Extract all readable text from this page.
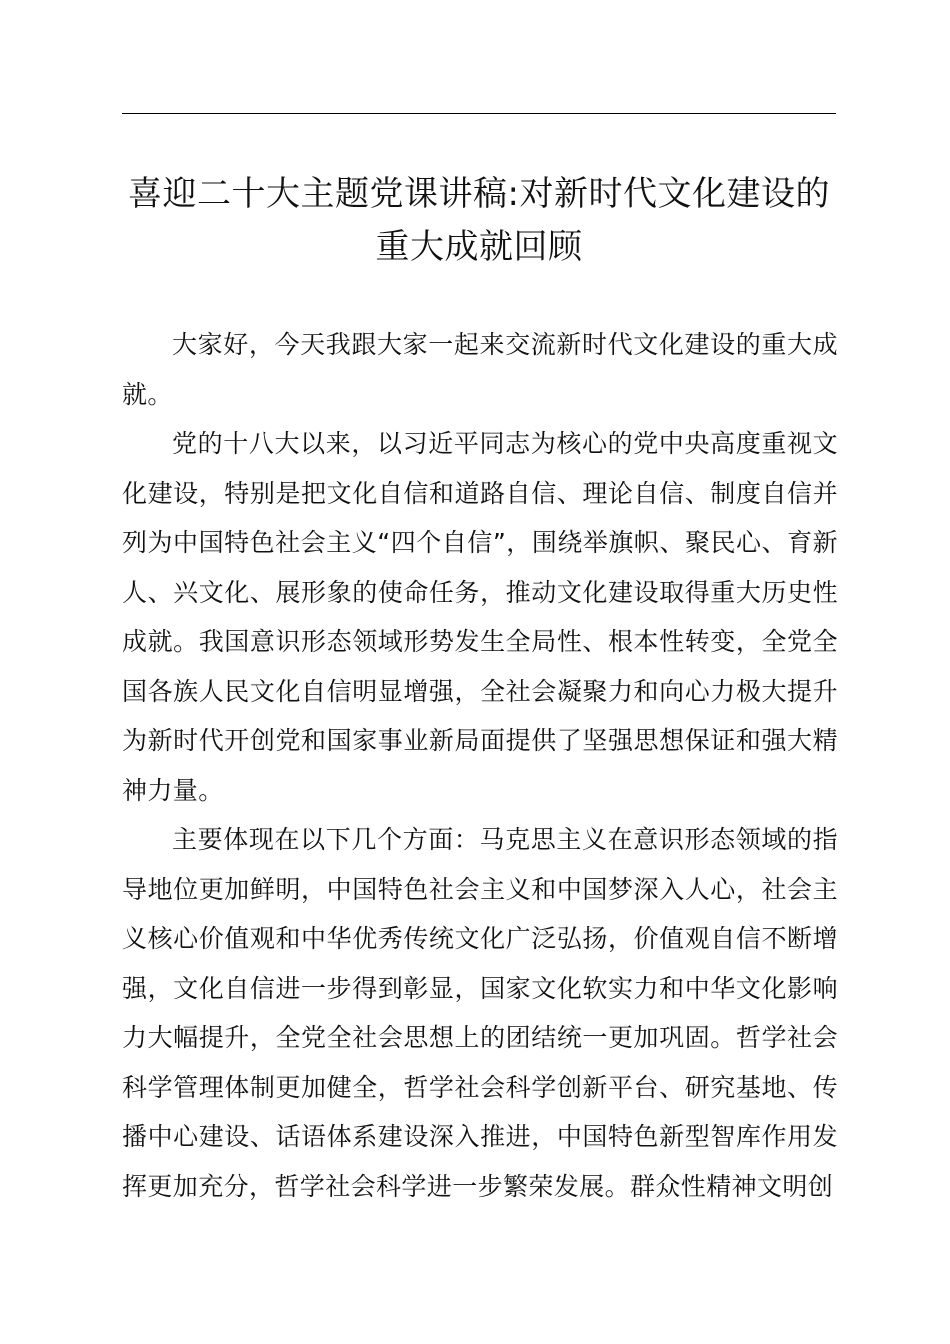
喜迎二十大主题党课讲稿:对新时代文化建设的重大成就回顾

大家好，今天我跟大家一起来交流新时代文化建设的重大成就。

党的十八大以来，以习近平同志为核心的党中央高度重视文化建设，特别是把文化自信和道路自信、理论自信、制度自信并列为中国特色社会主义“四个自信”，围绕举旗帜、聚民心、育新人、兴文化、展形象的使命任务，推动文化建设取得重大历史性成就。我国意识形态领域形势发生全局性、根本性转变，全党全国各族人民文化自信明显增强，全社会凝聚力和向心力极大提升为新时代开创党和国家事业新局面提供了坚强思想保证和强大精神力量。

主要体现在以下几个方面：马克思主义在意识形态领域的指导地位更加鲜明，中国特色社会主义和中国梦深入人心，社会主义核心价值观和中华优秀传统文化广泛弘扬，价值观自信不断增强，文化自信进一步得到彰显，国家文化软实力和中华文化影响力大幅提升，全党全社会思想上的团结统一更加巩固。哲学社会科学管理体制更加健全，哲学社会科学创新平台、研究基地、传播中心建设、话语体系建设深入推进，中国特色新型智库作用发挥更加充分，哲学社会科学进一步繁荣发展。群众性精神文明创
